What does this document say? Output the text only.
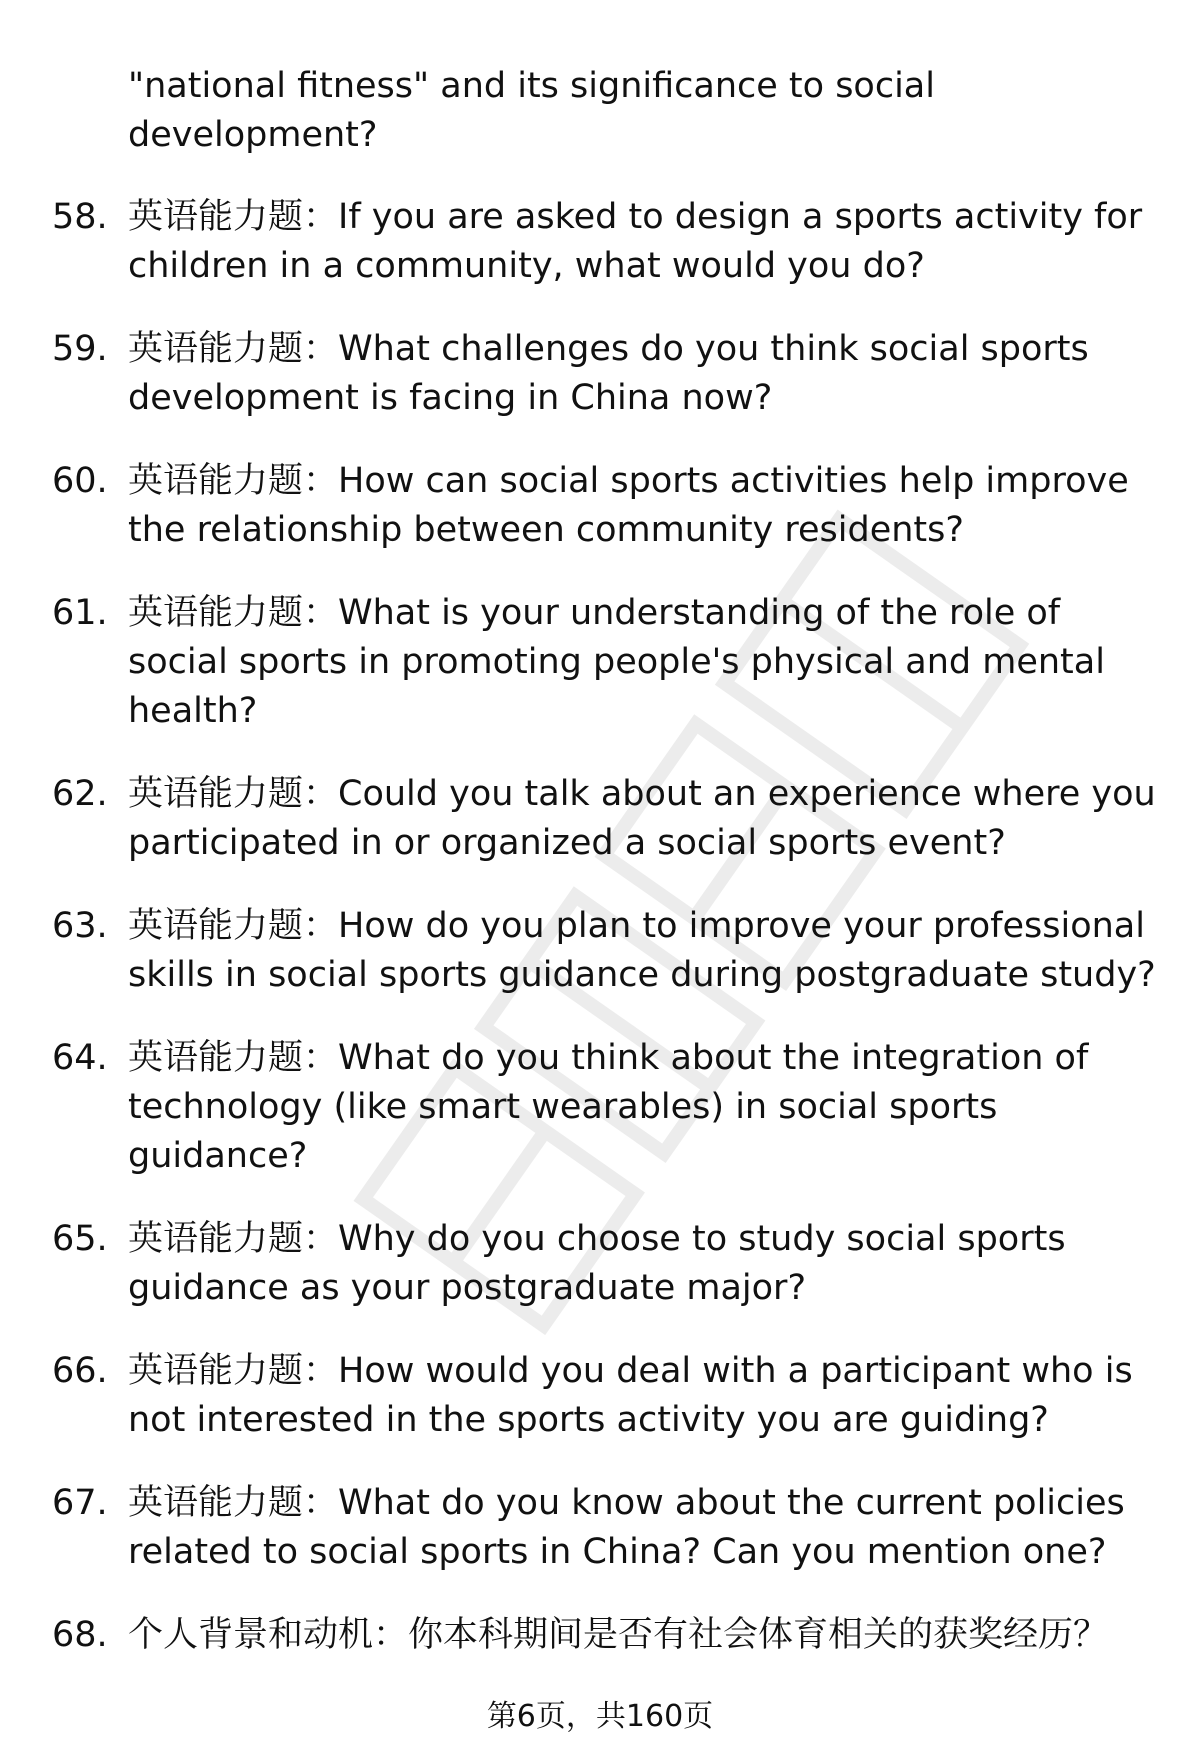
"national fitness" and its significance to social development?
58. 英语能力题：If you are asked to design a sports activity for children in a community, what would you do?
59. 英语能力题：What challenges do you think social sports development is facing in China now?
60. 英语能力题：How can social sports activities help improve the relationship between community residents?
61. 英语能力题：What is your understanding of the role of social sports in promoting people's physical and mental health?
62. 英语能力题：Could you talk about an experience where you participated in or organized a social sports event?
63. 英语能力题：How do you plan to improve your professional skills in social sports guidance during postgraduate study?
64. 英语能力题：What do you think about the integration of technology (like smart wearables) in social sports guidance?
65. 英语能力题：Why do you choose to study social sports guidance as your postgraduate major?
66. 英语能力题：How would you deal with a participant who is not interested in the sports activity you are guiding?
67. 英语能力题：What do you know about the current policies related to social sports in China? Can you mention one?
68. 个人背景和动机：你本科期间是否有社会体育相关的获奖经历？
第6页，共160页
